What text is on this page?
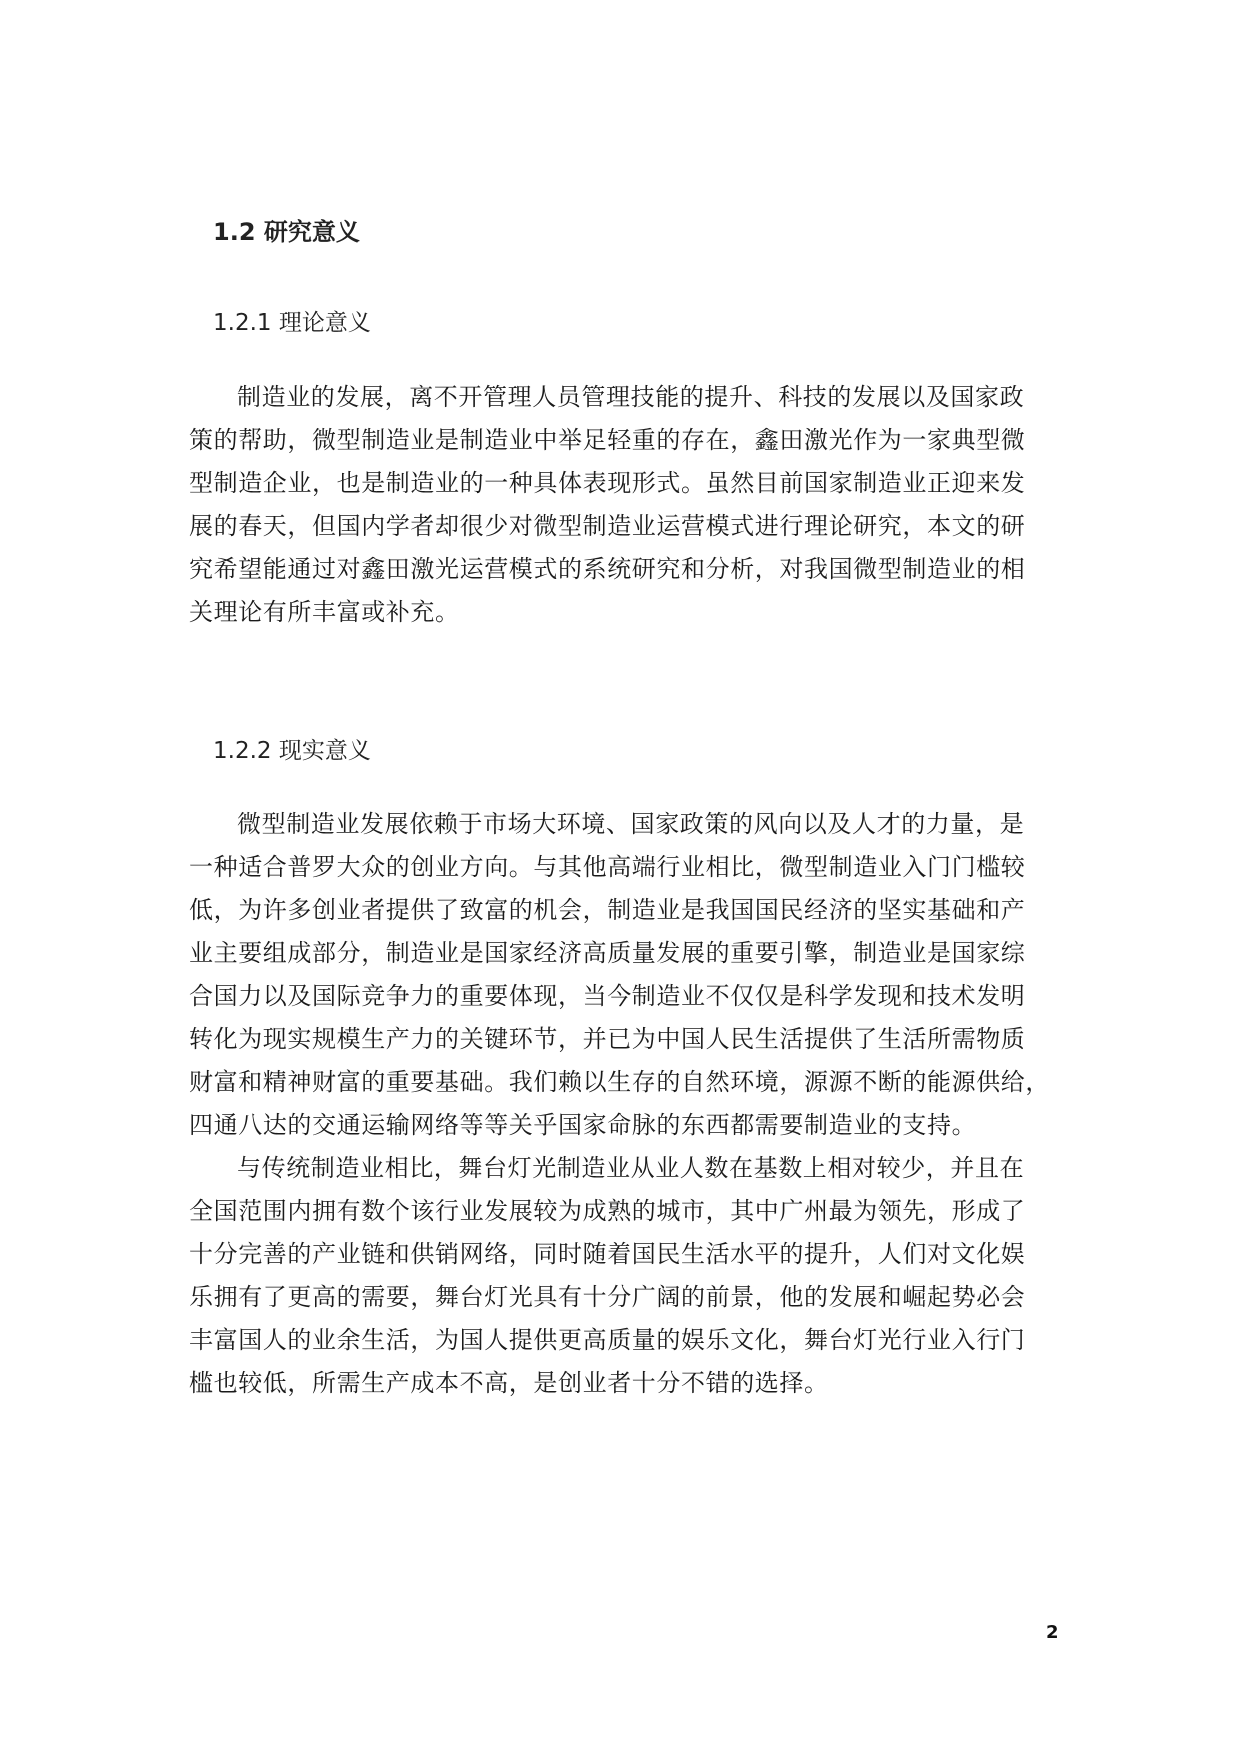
1.2 研究意义
1.2.1 理论意义
制造业的发展，离不开管理人员管理技能的提升、科技的发展以及国家政
策的帮助，微型制造业是制造业中举足轻重的存在，鑫田激光作为一家典型微
型制造企业，也是制造业的一种具体表现形式。虽然目前国家制造业正迎来发
展的春天，但国内学者却很少对微型制造业运营模式进行理论研究，本文的研
究希望能通过对鑫田激光运营模式的系统研究和分析，对我国微型制造业的相
关理论有所丰富或补充。
1.2.2 现实意义
微型制造业发展依赖于市场大环境、国家政策的风向以及人才的力量，是
一种适合普罗大众的创业方向。与其他高端行业相比，微型制造业入门门槛较
低，为许多创业者提供了致富的机会，制造业是我国国民经济的坚实基础和产
业主要组成部分，制造业是国家经济高质量发展的重要引擎，制造业是国家综
合国力以及国际竞争力的重要体现，当今制造业不仅仅是科学发现和技术发明
转化为现实规模生产力的关键环节，并已为中国人民生活提供了生活所需物质
财富和精神财富的重要基础。我们赖以生存的自然环境，源源不断的能源供给，
四通八达的交通运输网络等等关乎国家命脉的东西都需要制造业的支持。
与传统制造业相比，舞台灯光制造业从业人数在基数上相对较少，并且在
全国范围内拥有数个该行业发展较为成熟的城市，其中广州最为领先，形成了
十分完善的产业链和供销网络，同时随着国民生活水平的提升，人们对文化娱
乐拥有了更高的需要，舞台灯光具有十分广阔的前景，他的发展和崛起势必会
丰富国人的业余生活，为国人提供更高质量的娱乐文化，舞台灯光行业入行门
槛也较低，所需生产成本不高，是创业者十分不错的选择。
2
